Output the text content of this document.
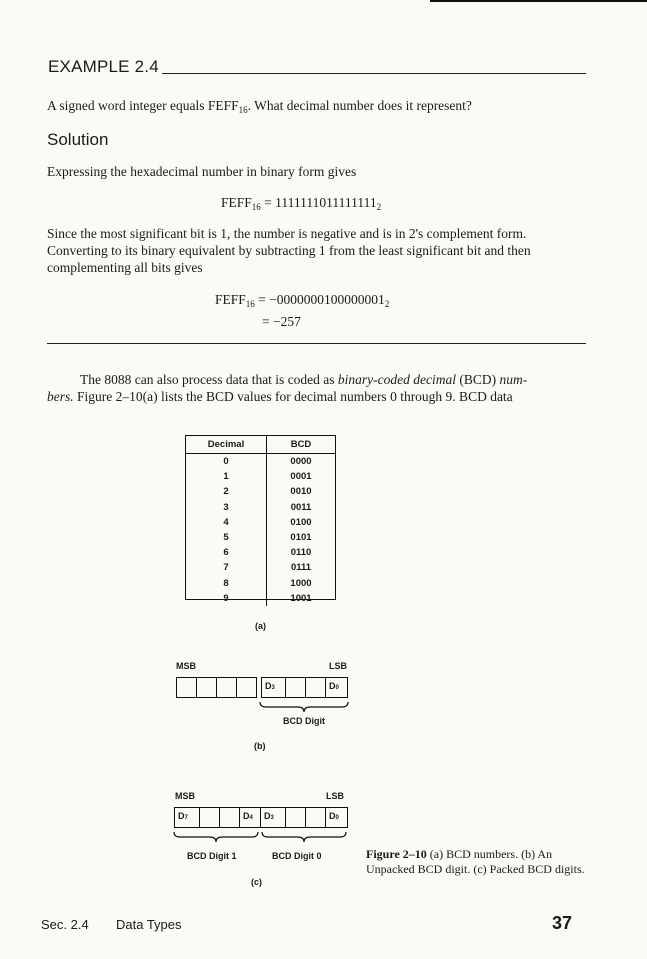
EXAMPLE 2.4
A signed word integer equals $FEFF_{16}$. What decimal number does it represent?
Solution
Expressing the hexadecimal number in binary form gives
$FEFF_{16} = 1111111011111111_2$
Since the most significant bit is 1, the number is negative and is in 2's complement form.
Converting to its binary equivalent by subtracting 1 from the least significant bit and then
complementing all bits gives
$FEFF_{16} = -0000000100000001_2$
= −257
The 8088 can also process data that is coded as binary-coded decimal (BCD) num-
bers. Figure 2–10(a) lists the BCD values for decimal numbers 0 through 9. BCD data
Decimal	BCD
0	0000
1	0001
2	0010
3	0011
4	0100
5	0101
6	0110
7	0111
8	1000
9	1001
(a)
MSB	LSB
D3	D0
BCD Digit
(b)
MSB	LSB
D7	D4	D3	D0
BCD Digit 1	BCD Digit 0
(c)
Figure 2–10 (a) BCD numbers. (b) An Unpacked BCD digit. (c) Packed BCD digits.
Sec. 2.4 Data Types	37
